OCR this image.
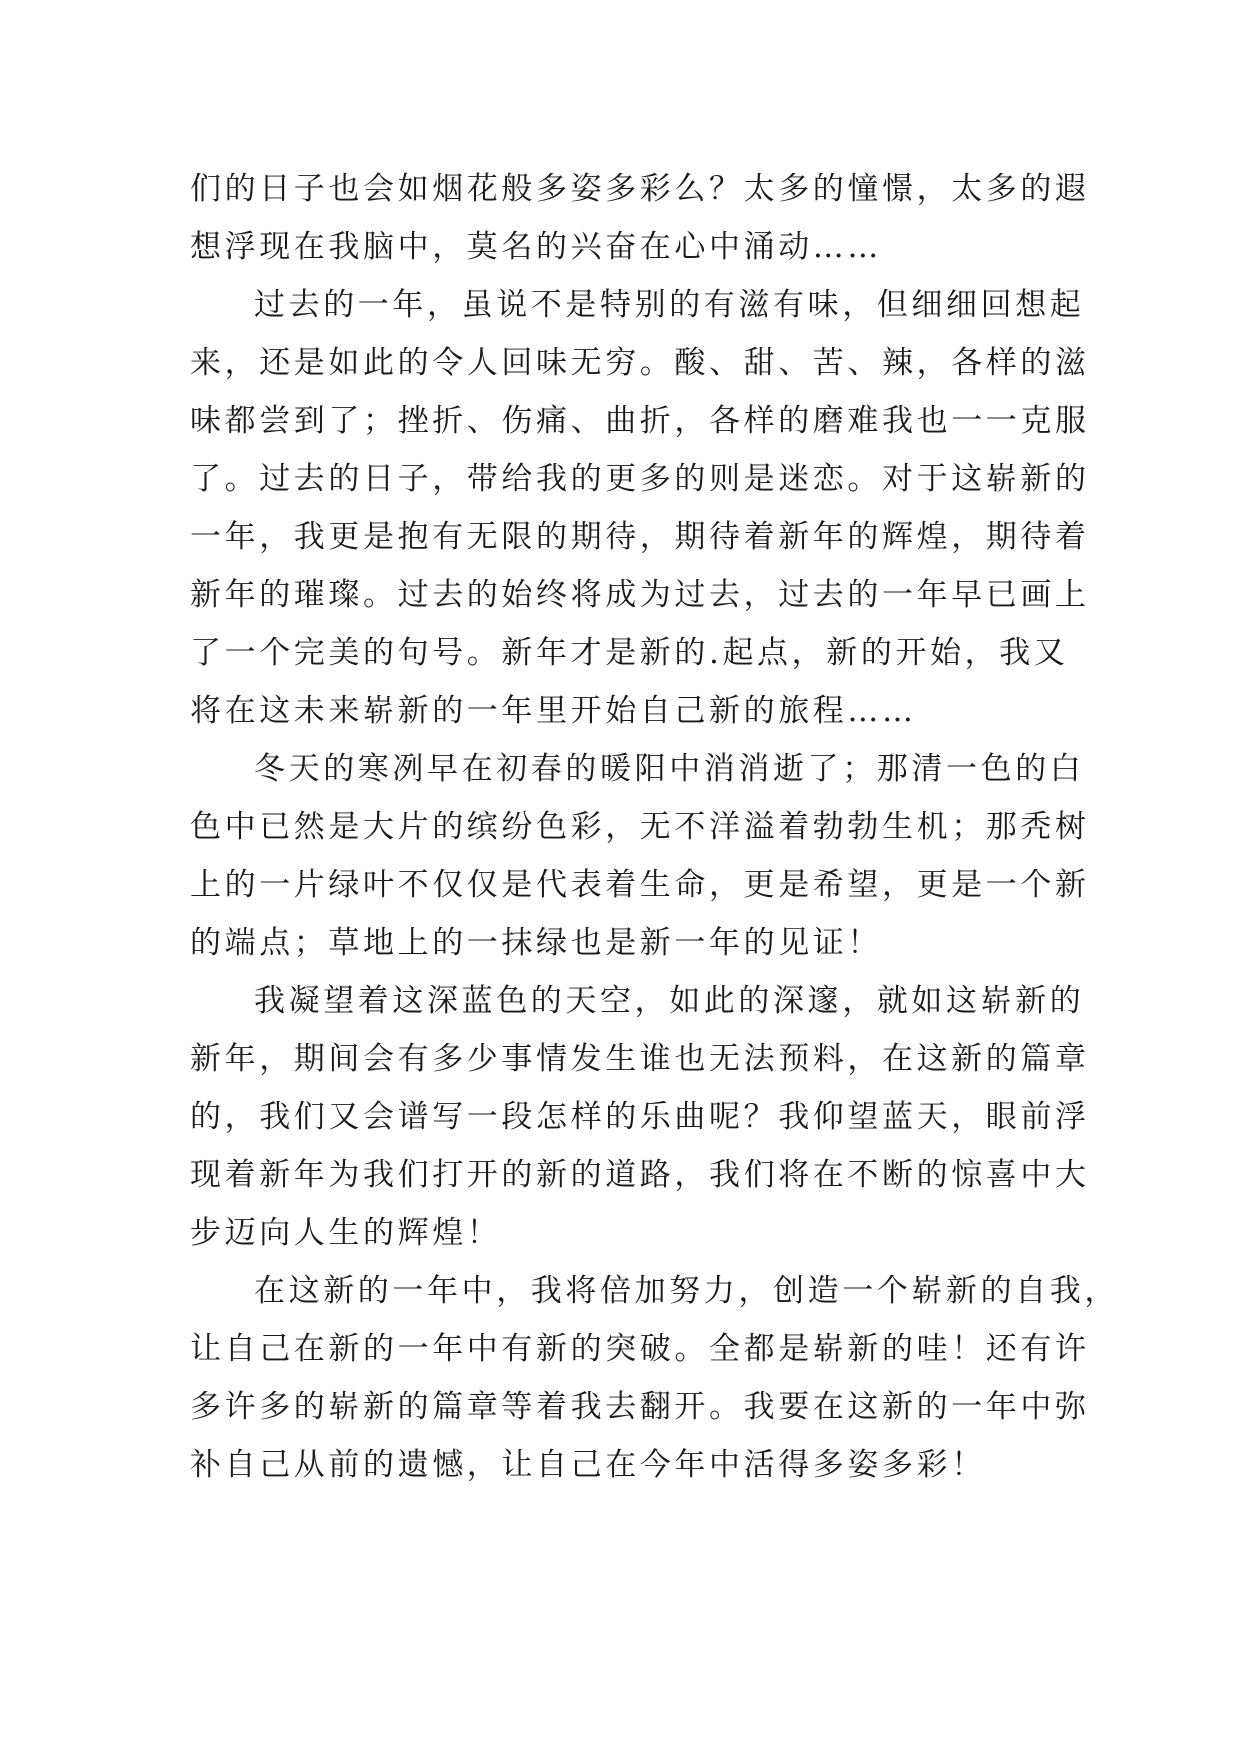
们的日子也会如烟花般多姿多彩么？太多的憧憬，太多的遐
想浮现在我脑中，莫名的兴奋在心中涌动……
过去的一年，虽说不是特别的有滋有味，但细细回想起
来，还是如此的令人回味无穷。酸、甜、苦、辣，各样的滋
味都尝到了；挫折、伤痛、曲折，各样的磨难我也一一克服
了。过去的日子，带给我的更多的则是迷恋。对于这崭新的
一年，我更是抱有无限的期待，期待着新年的辉煌，期待着
新年的璀璨。过去的始终将成为过去，过去的一年早已画上
了一个完美的句号。新年才是新的.起点，新的开始，我又
将在这未来崭新的一年里开始自己新的旅程……
冬天的寒冽早在初春的暖阳中消消逝了；那清一色的白
色中已然是大片的缤纷色彩，无不洋溢着勃勃生机；那秃树
上的一片绿叶不仅仅是代表着生命，更是希望，更是一个新
的端点；草地上的一抹绿也是新一年的见证！
我凝望着这深蓝色的天空，如此的深邃，就如这崭新的
新年，期间会有多少事情发生谁也无法预料，在这新的篇章
的，我们又会谱写一段怎样的乐曲呢？我仰望蓝天，眼前浮
现着新年为我们打开的新的道路，我们将在不断的惊喜中大
步迈向人生的辉煌！
在这新的一年中，我将倍加努力，创造一个崭新的自我，
让自己在新的一年中有新的突破。全都是崭新的哇！还有许
多许多的崭新的篇章等着我去翻开。我要在这新的一年中弥
补自己从前的遗憾，让自己在今年中活得多姿多彩！
